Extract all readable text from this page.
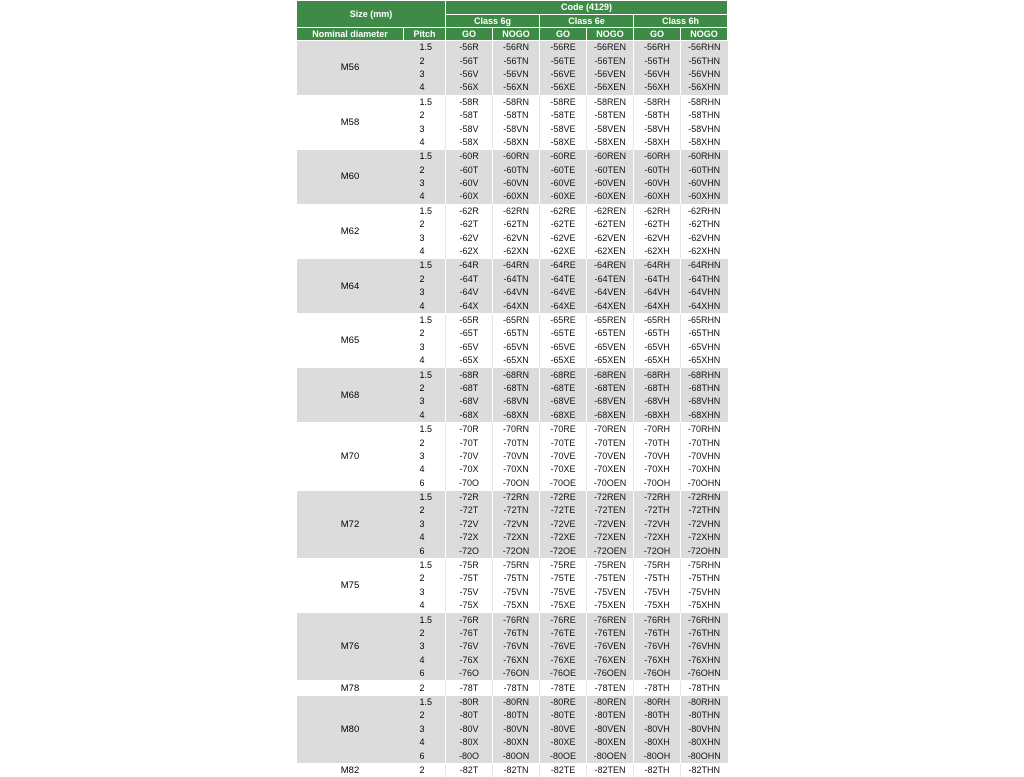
Size (mm)		Code (4129)					
		Class 6g		Class 6e		Class 6h	
Nominal diameter	Pitch	GO	NOGO	GO	NOGO	GO	NOGO
M56	1.5	-56R	-56RN	-56RE	-56REN	-56RH	-56RHN
	2	-56T	-56TN	-56TE	-56TEN	-56TH	-56THN
	3	-56V	-56VN	-56VE	-56VEN	-56VH	-56VHN
	4	-56X	-56XN	-56XE	-56XEN	-56XH	-56XHN
M58	1.5	-58R	-58RN	-58RE	-58REN	-58RH	-58RHN
	2	-58T	-58TN	-58TE	-58TEN	-58TH	-58THN
	3	-58V	-58VN	-58VE	-58VEN	-58VH	-58VHN
	4	-58X	-58XN	-58XE	-58XEN	-58XH	-58XHN
M60	1.5	-60R	-60RN	-60RE	-60REN	-60RH	-60RHN
	2	-60T	-60TN	-60TE	-60TEN	-60TH	-60THN
	3	-60V	-60VN	-60VE	-60VEN	-60VH	-60VHN
	4	-60X	-60XN	-60XE	-60XEN	-60XH	-60XHN
M62	1.5	-62R	-62RN	-62RE	-62REN	-62RH	-62RHN
	2	-62T	-62TN	-62TE	-62TEN	-62TH	-62THN
	3	-62V	-62VN	-62VE	-62VEN	-62VH	-62VHN
	4	-62X	-62XN	-62XE	-62XEN	-62XH	-62XHN
M64	1.5	-64R	-64RN	-64RE	-64REN	-64RH	-64RHN
	2	-64T	-64TN	-64TE	-64TEN	-64TH	-64THN
	3	-64V	-64VN	-64VE	-64VEN	-64VH	-64VHN
	4	-64X	-64XN	-64XE	-64XEN	-64XH	-64XHN
M65	1.5	-65R	-65RN	-65RE	-65REN	-65RH	-65RHN
	2	-65T	-65TN	-65TE	-65TEN	-65TH	-65THN
	3	-65V	-65VN	-65VE	-65VEN	-65VH	-65VHN
	4	-65X	-65XN	-65XE	-65XEN	-65XH	-65XHN
M68	1.5	-68R	-68RN	-68RE	-68REN	-68RH	-68RHN
	2	-68T	-68TN	-68TE	-68TEN	-68TH	-68THN
	3	-68V	-68VN	-68VE	-68VEN	-68VH	-68VHN
	4	-68X	-68XN	-68XE	-68XEN	-68XH	-68XHN
M70	1.5	-70R	-70RN	-70RE	-70REN	-70RH	-70RHN
	2	-70T	-70TN	-70TE	-70TEN	-70TH	-70THN
	3	-70V	-70VN	-70VE	-70VEN	-70VH	-70VHN
	4	-70X	-70XN	-70XE	-70XEN	-70XH	-70XHN
	6	-70O	-70ON	-70OE	-70OEN	-70OH	-70OHN
M72	1.5	-72R	-72RN	-72RE	-72REN	-72RH	-72RHN
	2	-72T	-72TN	-72TE	-72TEN	-72TH	-72THN
	3	-72V	-72VN	-72VE	-72VEN	-72VH	-72VHN
	4	-72X	-72XN	-72XE	-72XEN	-72XH	-72XHN
	6	-72O	-72ON	-72OE	-72OEN	-72OH	-72OHN
M75	1.5	-75R	-75RN	-75RE	-75REN	-75RH	-75RHN
	2	-75T	-75TN	-75TE	-75TEN	-75TH	-75THN
	3	-75V	-75VN	-75VE	-75VEN	-75VH	-75VHN
	4	-75X	-75XN	-75XE	-75XEN	-75XH	-75XHN
M76	1.5	-76R	-76RN	-76RE	-76REN	-76RH	-76RHN
	2	-76T	-76TN	-76TE	-76TEN	-76TH	-76THN
	3	-76V	-76VN	-76VE	-76VEN	-76VH	-76VHN
	4	-76X	-76XN	-76XE	-76XEN	-76XH	-76XHN
	6	-76O	-76ON	-76OE	-76OEN	-76OH	-76OHN
M78	2	-78T	-78TN	-78TE	-78TEN	-78TH	-78THN
M80	1.5	-80R	-80RN	-80RE	-80REN	-80RH	-80RHN
	2	-80T	-80TN	-80TE	-80TEN	-80TH	-80THN
	3	-80V	-80VN	-80VE	-80VEN	-80VH	-80VHN
	4	-80X	-80XN	-80XE	-80XEN	-80XH	-80XHN
	6	-80O	-80ON	-80OE	-80OEN	-80OH	-80OHN
M82	2	-82T	-82TN	-82TE	-82TEN	-82TH	-82THN
